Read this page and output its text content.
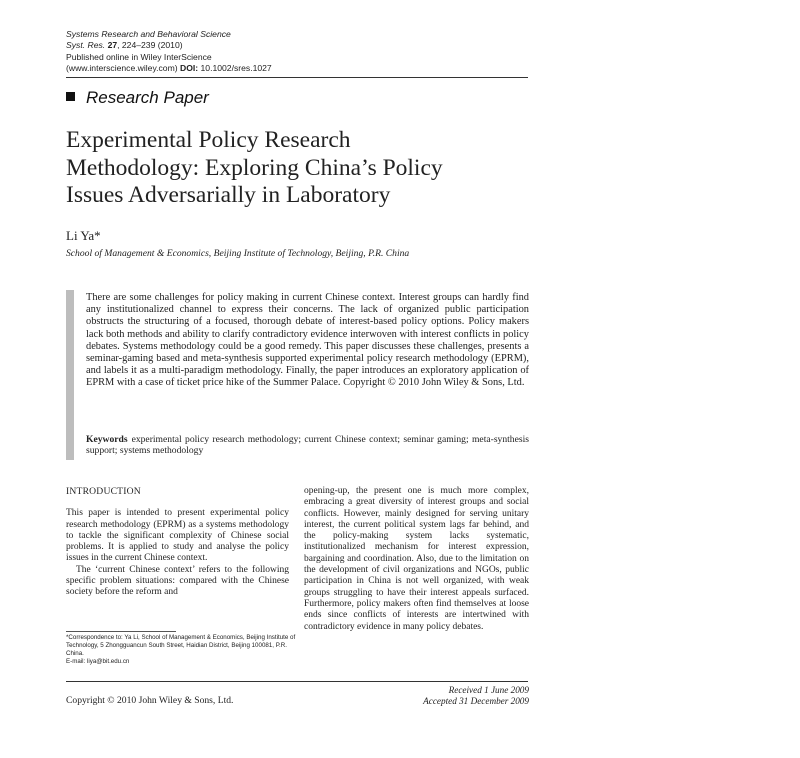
Systems Research and Behavioral Science
Syst. Res. 27, 224–239 (2010)
Published online in Wiley InterScience
(www.interscience.wiley.com) DOI: 10.1002/sres.1027
Research Paper
Experimental Policy Research
Methodology: Exploring China’s Policy
Issues Adversarially in Laboratory
Li Ya*
School of Management & Economics, Beijing Institute of Technology, Beijing, P.R. China
There are some challenges for policy making in current Chinese context. Interest groups can hardly find any institutionalized channel to express their concerns. The lack of organized public participation obstructs the structuring of a focused, thorough debate of interest-based policy options. Policy makers lack both methods and ability to clarify contradictory evidence interwoven with interest conflicts in policy debates. Systems methodology could be a good remedy. This paper discusses these challenges, presents a seminar-gaming based and meta-synthesis supported experimental policy research methodology (EPRM), and labels it as a multi-paradigm methodology. Finally, the paper introduces an exploratory application of EPRM with a case of ticket price hike of the Summer Palace. Copyright © 2010 John Wiley & Sons, Ltd.
Keywords experimental policy research methodology; current Chinese context; seminar gaming; meta-synthesis support; systems methodology

INTRODUCTION

This paper is intended to present experimental policy research methodology (EPRM) as a systems methodology to tackle the significant complexity of Chinese social problems. It is applied to study and analyse the policy issues in the current Chinese context.

The ‘current Chinese context’ refers to the following specific problem situations: compared with the Chinese society before the reform and

opening-up, the present one is much more complex, embracing a great diversity of interest groups and social conflicts. However, mainly designed for serving unitary interest, the current political system lags far behind, and the policy-making system lacks systematic, institutionalized mechanism for interest expression, bargaining and coordination. Also, due to the limitation on the development of civil organizations and NGOs, public participation in China is not well organized, with weak groups struggling to have their interest appeals surfaced. Furthermore, policy makers often find themselves at loose ends since conflicts of interests are intertwined with contradictory evidence in many policy debates.

*Correspondence to: Ya Li, School of Management & Economics, Beijing Institute of Technology, 5 Zhongguancun South Street, Haidian District, Beijing 100081, P.R. China.
E-mail: liya@bit.edu.cn
Copyright © 2010 John Wiley & Sons, Ltd.
Received 1 June 2009
Accepted 31 December 2009
